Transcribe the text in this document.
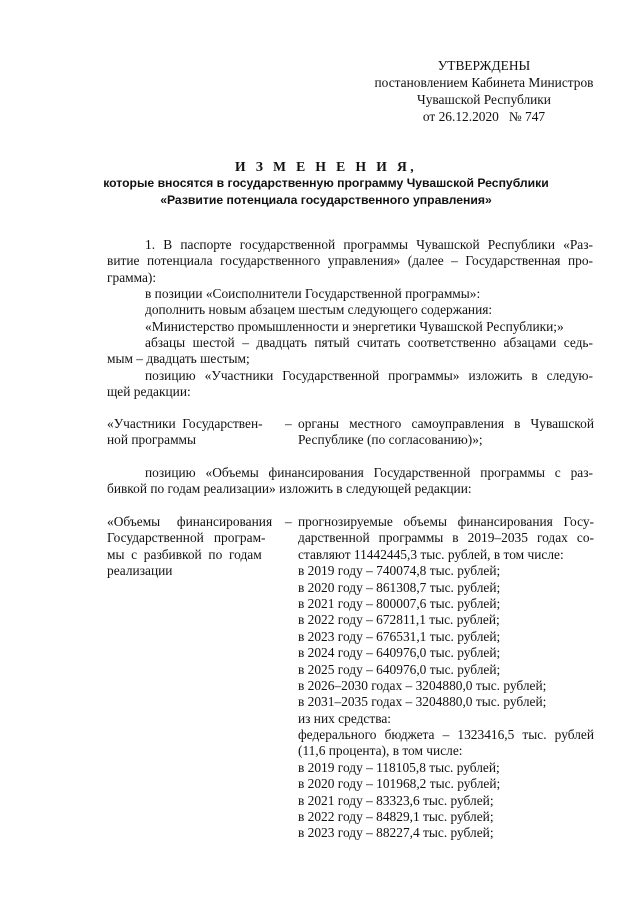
УТВЕРЖДЕНЫ
постановлением Кабинета Министров
Чувашской Республики
от 26.12.2020   № 747
И З М Е Н Е Н И Я,
которые вносятся в государственную программу Чувашской Республики
«Развитие потенциала государственного управления»
1. В паспорте государственной программы Чувашской Республики «Раз-
витие потенциала государственного управления» (далее – Государственная про-
грамма):
в позиции «Соисполнители Государственной программы»:
дополнить новым абзацем шестым следующего содержания:
«Министерство промышленности и энергетики Чувашской Республики;»
абзацы шестой – двадцать пятый считать соответственно абзацами седь-
мым – двадцать шестым;
позицию «Участники Государственной программы» изложить в следую-
щей редакции:
«Участники  Государствен-
ной программы
– органы местного самоуправления в Чувашской
Республике (по согласованию)»;
позицию «Объемы финансирования Государственной программы с раз-
бивкой по годам реализации» изложить в следующей редакции:
«Объемы     финансирования
Государственной   програм-
мы  с  разбивкой  по  годам
реализации
– прогнозируемые объемы финансирования Госу-
дарственной программы в 2019–2035 годах со-
ставляют 11442445,3 тыс. рублей, в том числе:
в 2019 году – 740074,8 тыс. рублей;
в 2020 году – 861308,7 тыс. рублей;
в 2021 году – 800007,6 тыс. рублей;
в 2022 году – 672811,1 тыс. рублей;
в 2023 году – 676531,1 тыс. рублей;
в 2024 году – 640976,0 тыс. рублей;
в 2025 году – 640976,0 тыс. рублей;
в 2026–2030 годах – 3204880,0 тыс. рублей;
в 2031–2035 годах – 3204880,0 тыс. рублей;
из них средства:
федерального бюджета – 1323416,5 тыс. рублей
(11,6 процента), в том числе:
в 2019 году – 118105,8 тыс. рублей;
в 2020 году – 101968,2 тыс. рублей;
в 2021 году – 83323,6 тыс. рублей;
в 2022 году – 84829,1 тыс. рублей;
в 2023 году – 88227,4 тыс. рублей;
